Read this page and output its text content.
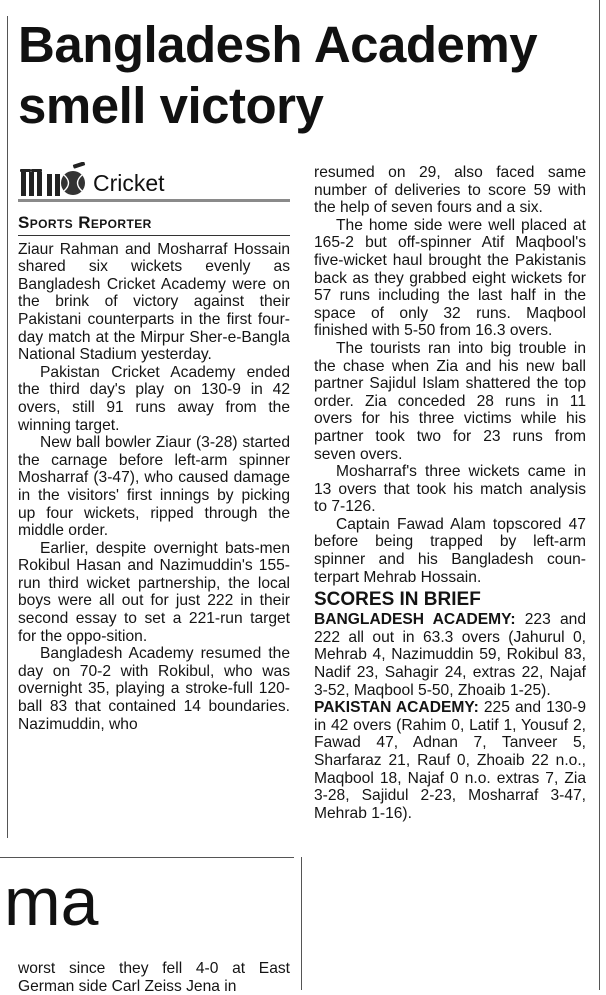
Bangladesh Academy smell victory
Cricket
Sports Reporter

Ziaur Rahman and Mosharraf Hossain shared six wickets evenly as Bangladesh Cricket Academy were on the brink of victory against their Pakistani counterparts in the first four-day match at the Mirpur Sher-e-Bangla National Stadium yesterday.

Pakistan Cricket Academy ended the third day's play on 130-9 in 42 overs, still 91 runs away from the winning target.

New ball bowler Ziaur (3-28) started the carnage before left-arm spinner Mosharraf (3-47), who caused damage in the visitors' first innings by picking up four wickets, ripped through the middle order.

Earlier, despite overnight bats-men Rokibul Hasan and Nazimuddin's 155-run third wicket partnership, the local boys were all out for just 222 in their second essay to set a 221-run target for the oppo-sition.

Bangladesh Academy resumed the day on 70-2 with Rokibul, who was overnight 35, playing a stroke-full 120-ball 83 that contained 14 boundaries. Nazimuddin, who

resumed on 29, also faced same number of deliveries to score 59 with the help of seven fours and a six.

The home side were well placed at 165-2 but off-spinner Atif Maqbool's five-wicket haul brought the Pakistanis back as they grabbed eight wickets for 57 runs including the last half in the space of only 32 runs. Maqbool finished with 5-50 from 16.3 overs.

The tourists ran into big trouble in the chase when Zia and his new ball partner Sajidul Islam shattered the top order. Zia conceded 28 runs in 11 overs for his three victims while his partner took two for 23 runs from seven overs.

Mosharraf's three wickets came in 13 overs that took his match analysis to 7-126.

Captain Fawad Alam topscored 47 before being trapped by left-arm spinner and his Bangladesh coun-terpart Mehrab Hossain.

SCORES IN BRIEF

BANGLADESH ACADEMY: 223 and 222 all out in 63.3 overs (Jahurul 0, Mehrab 4, Nazimuddin 59, Rokibul 83, Nadif 23, Sahagir 24, extras 22, Najaf 3-52, Maqbool 5-50, Zhoaib 1-25).

PAKISTAN ACADEMY: 225 and 130-9 in 42 overs (Rahim 0, Latif 1, Yousuf 2, Fawad 47, Adnan 7, Tanveer 5, Sharfaraz 21, Rauf 0, Zhoaib 22 n.o., Maqbool 18, Najaf 0 n.o. extras 7, Zia 3-28, Sajidul 2-23, Mosharraf 3-47, Mehrab 1-16).

ma

worst since they fell 4-0 at East German side Carl Zeiss Jena in
